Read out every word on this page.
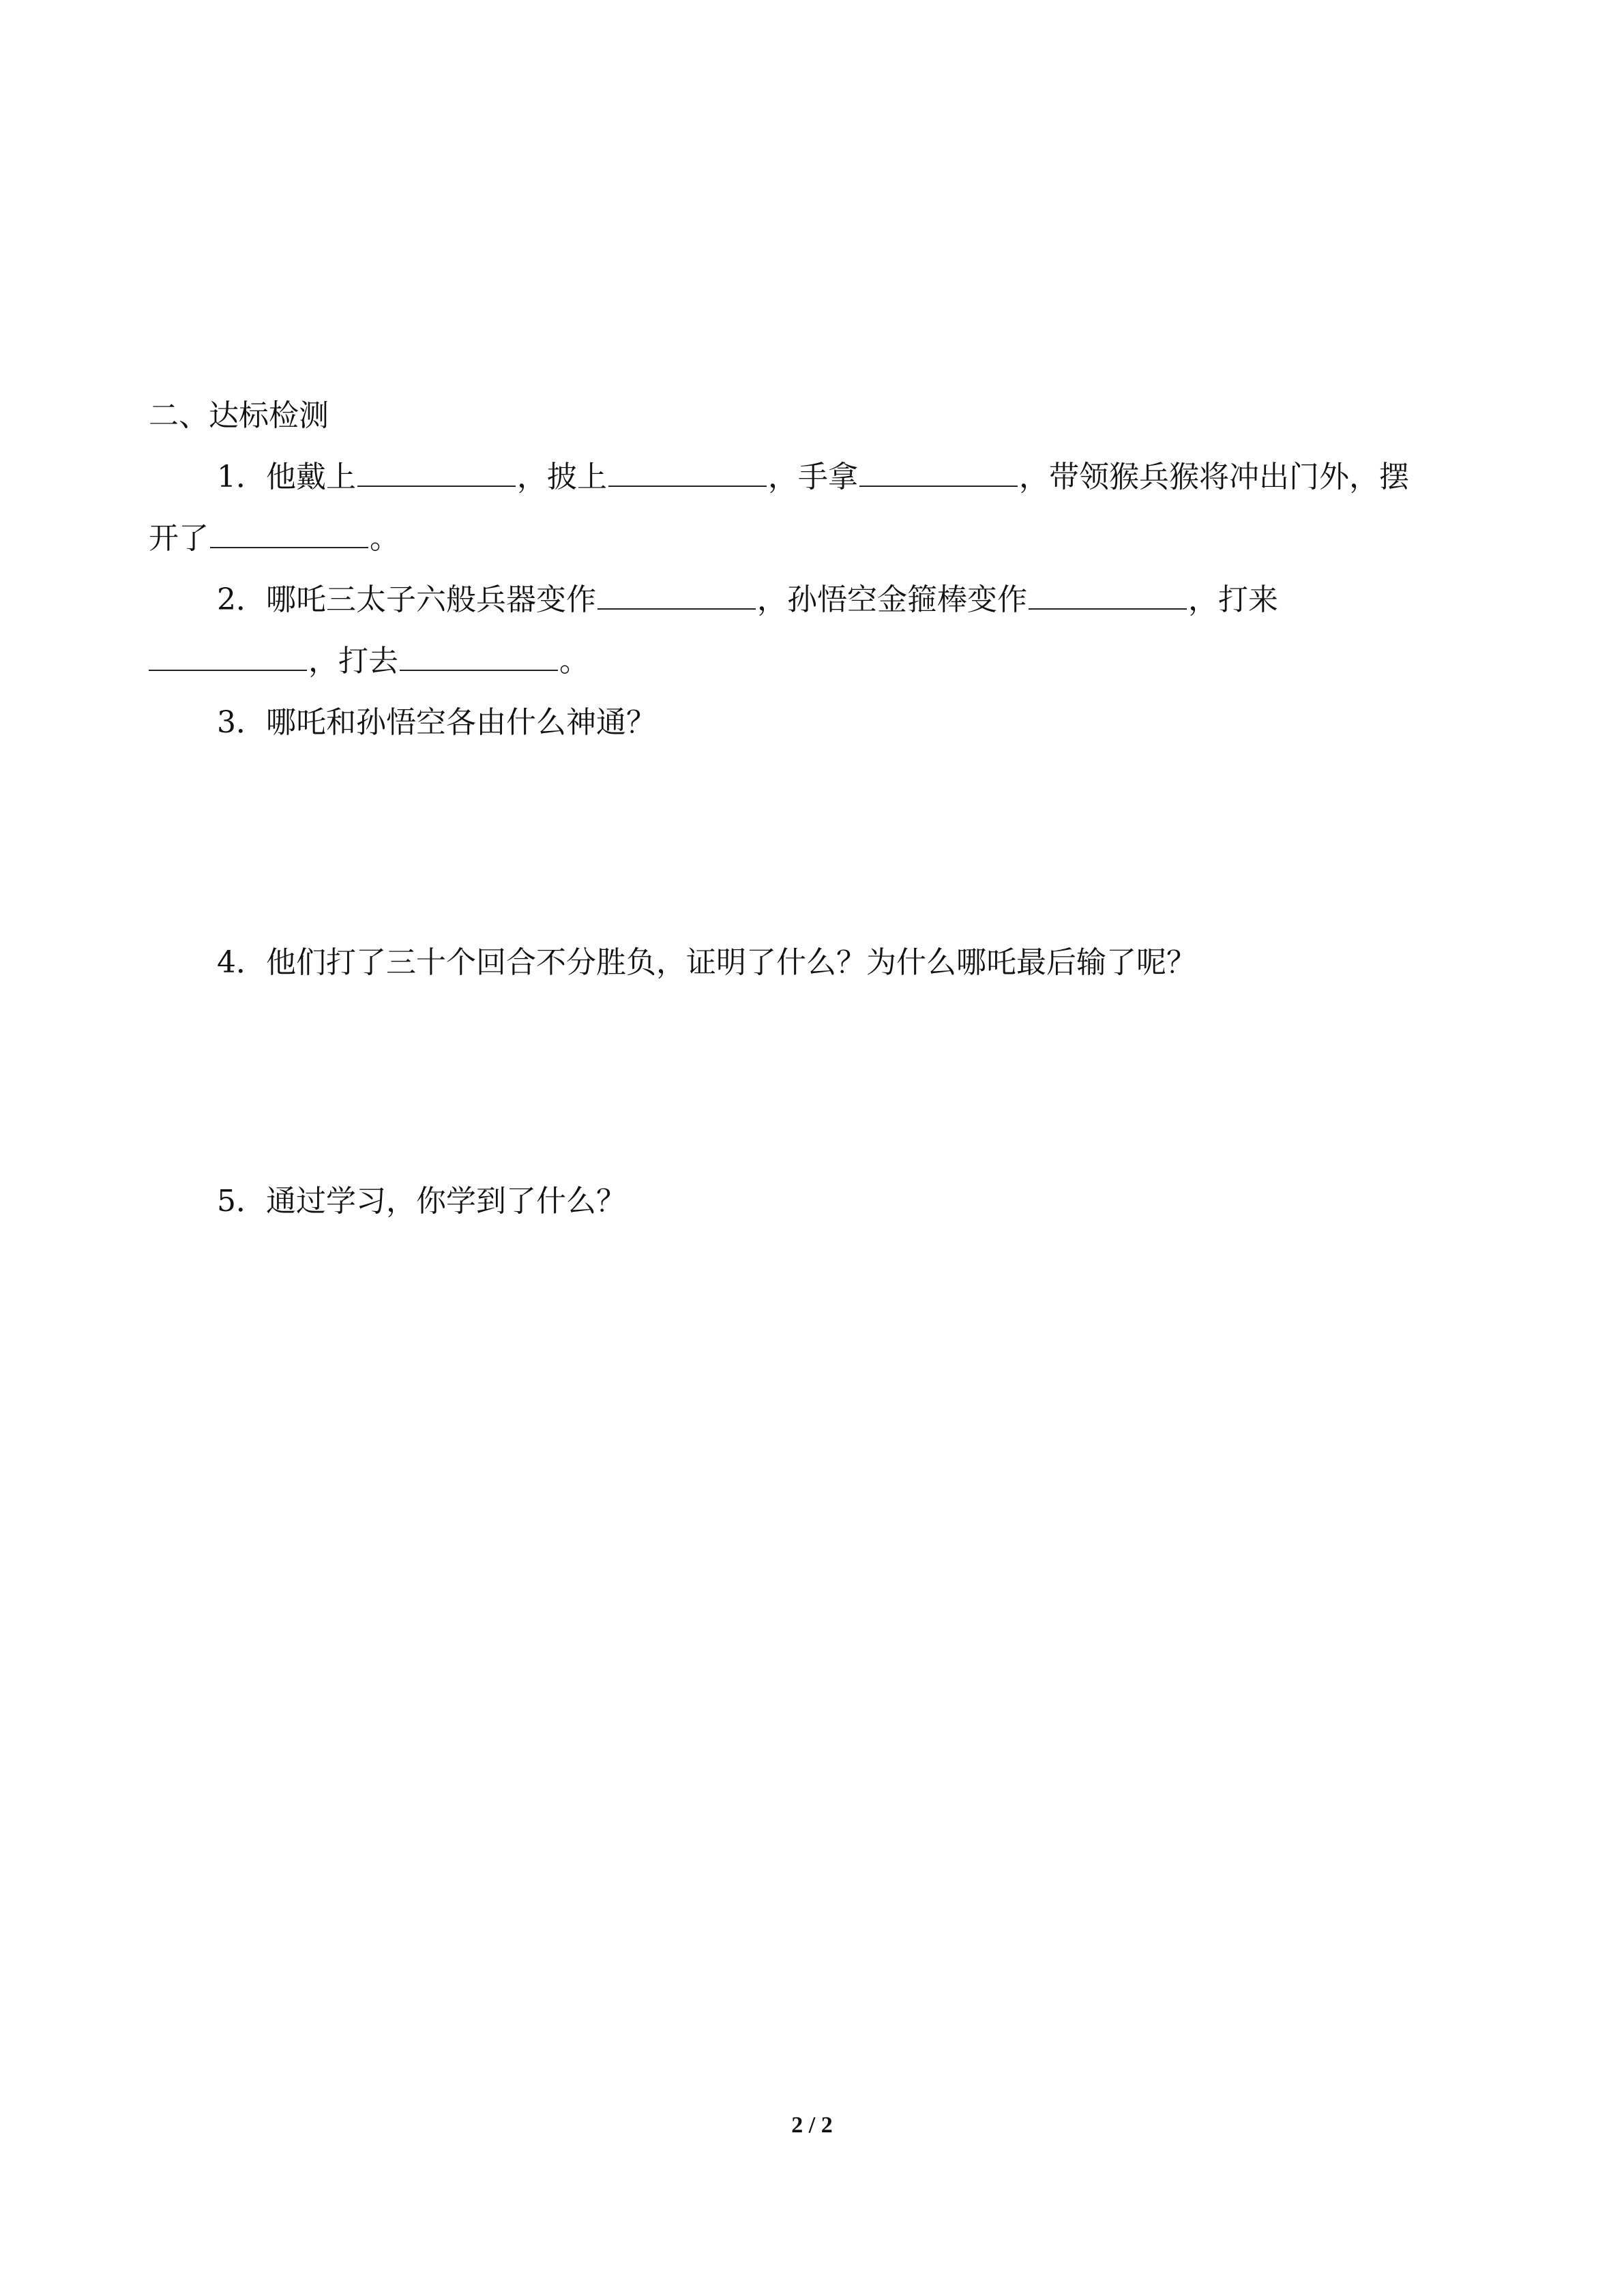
二、达标检测
1．他戴上	，披上	，手拿	，带领猴兵猴将冲出门外，摆
开了	。
2．哪吒三太子六般兵器变作	，孙悟空金箍棒变作	，打来
，打去	。
3．哪吒和孙悟空各由什么神通？
4．他们打了三十个回合不分胜负，证明了什么？为什么哪吒最后输了呢？
5．通过学习，你学到了什么？
2 / 2
